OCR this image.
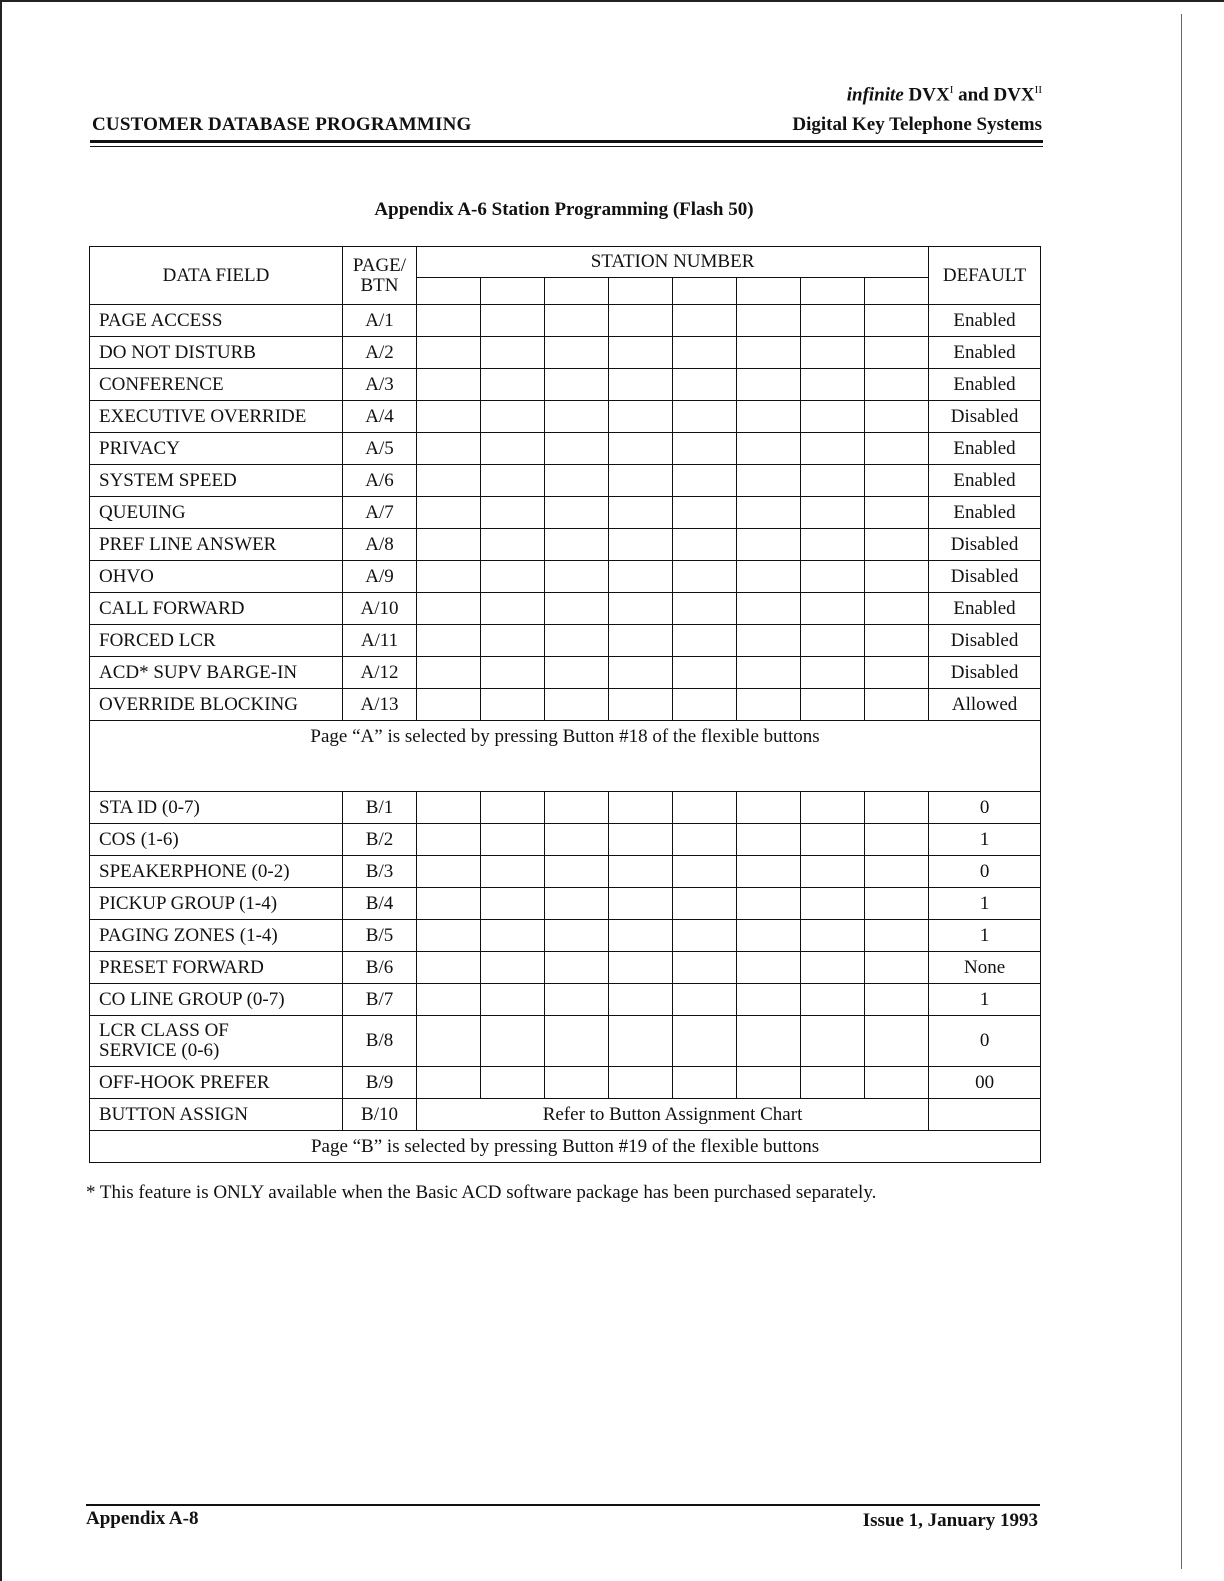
CUSTOMER DATABASE PROGRAMMING
infinite $DVX^I$ and $DVX^{II}$
Digital Key Telephone Systems
Appendix A-6 Station Programming (Flash 50)
DATA FIELD	PAGE/
BTN	STATION NUMBER								DEFAULT

PAGE ACCESS	A/1									Enabled
DO NOT DISTURB	A/2									Enabled
CONFERENCE	A/3									Enabled
EXECUTIVE OVERRIDE	A/4									Disabled
PRIVACY	A/5									Enabled
SYSTEM SPEED	A/6									Enabled
QUEUING	A/7									Enabled
PREF LINE ANSWER	A/8									Disabled
OHVO	A/9									Disabled
CALL FORWARD	A/10									Enabled
FORCED LCR	A/11									Disabled
ACD* SUPV BARGE-IN	A/12									Disabled
OVERRIDE BLOCKING	A/13									Allowed
Page “A” is selected by pressing Button #18 of the flexible buttons										
STA ID (0-7)	B/1									0
COS (1-6)	B/2									1
SPEAKERPHONE (0-2)	B/3									0
PICKUP GROUP (1-4)	B/4									1
PAGING ZONES (1-4)	B/5									1
PRESET FORWARD	B/6									None
CO LINE GROUP (0-7)	B/7									1

LCR CLASS OF
SERVICE (0-6)	B/8									0
OFF-HOOK PREFER	B/9									00
BUTTON ASSIGN	B/10	Refer to Button Assignment Chart								
Page “B” is selected by pressing Button #19 of the flexible buttons										
* This feature is ONLY available when the Basic ACD software package has been purchased separately.
Appendix A-8	Issue 1, January 1993
